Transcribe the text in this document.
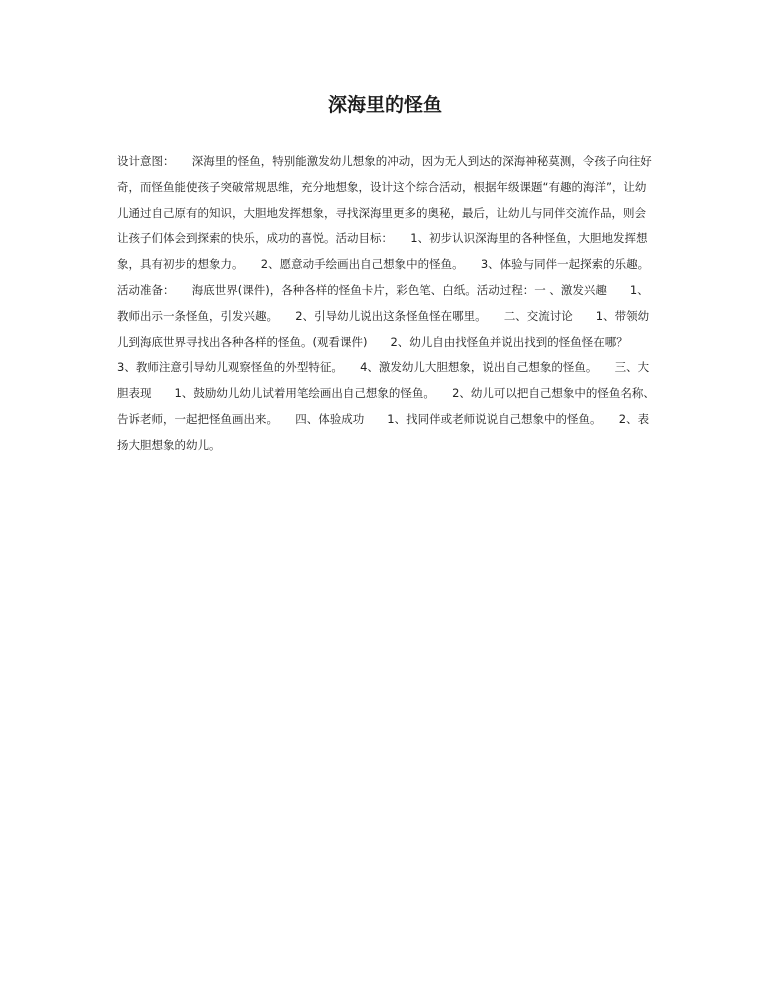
深海里的怪鱼

设计意图：　　深海里的怪鱼，特别能激发幼儿想象的冲动，因为无人到达的深海神秘莫测，令孩子向往好奇，而怪鱼能使孩子突破常规思维，充分地想象，设计这个综合活动，根据年级课题“有趣的海洋”，让幼儿通过自己原有的知识，大胆地发挥想象，寻找深海里更多的奥秘，最后，让幼儿与同伴交流作品，则会让孩子们体会到探索的快乐，成功的喜悦。活动目标：　　1、初步认识深海里的各种怪鱼，大胆地发挥想象，具有初步的想象力。　　2、愿意动手绘画出自己想象中的怪鱼。　　3、体验与同伴一起探索的乐趣。活动准备：　　海底世界(课件)，各种各样的怪鱼卡片，彩色笔、白纸。活动过程：一 、激发兴趣　　1、教师出示一条怪鱼，引发兴趣。　　2、引导幼儿说出这条怪鱼怪在哪里。　　二、交流讨论　　1、带领幼儿到海底世界寻找出各种各样的怪鱼。(观看课件)　　2、幼儿自由找怪鱼并说出找到的怪鱼怪在哪？　　3、教师注意引导幼儿观察怪鱼的外型特征。　　4、激发幼儿大胆想象，说出自己想象的怪鱼。　　三、大胆表现　　1、鼓励幼儿幼儿试着用笔绘画出自己想象的怪鱼。　　2、幼儿可以把自己想象中的怪鱼名称、告诉老师，一起把怪鱼画出来。　　四、体验成功　　1、找同伴或老师说说自己想象中的怪鱼。　　2、表扬大胆想象的幼儿。
